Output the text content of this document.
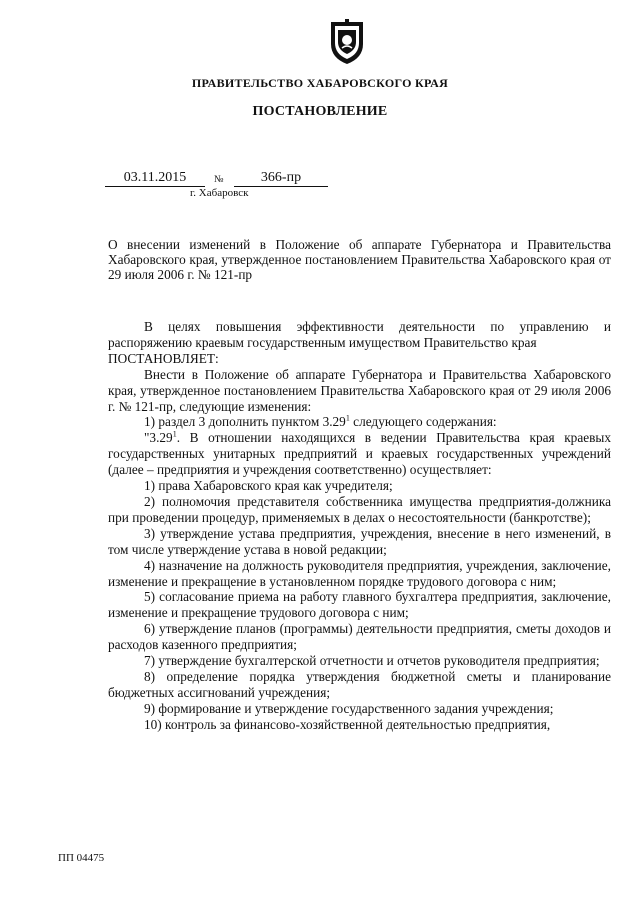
ПРАВИТЕЛЬСТВО ХАБАРОВСКОГО КРАЯ
ПОСТАНОВЛЕНИЕ
03.11.2015	№	366-пр
г. Хабаровск
О внесении изменений в Положение об аппарате Губернатора и Правительства Хабаровского края, утвержденное постановлением Правительства Хабаровского края от 29 июля 2006 г. № 121-пр

В целях повышения эффективности деятельности по управлению и распоряжению краевым государственным имуществом Правительство края

ПОСТАНОВЛЯЕТ:

Внести в Положение об аппарате Губернатора и Правительства Хабаровского края, утвержденное постановлением Правительства Хабаровского края от 29 июля 2006 г. № 121-пр, следующие изменения:

1) раздел 3 дополнить пунктом 3.29$^1$ следующего содержания:

"3.29$^1$. В отношении находящихся в ведении Правительства края краевых государственных унитарных предприятий и краевых государственных учреждений (далее – предприятия и учреждения соответственно) осуществляет:

1) права Хабаровского края как учредителя;

2) полномочия представителя собственника имущества предприятия-должника при проведении процедур, применяемых в делах о несостоятельности (банкротстве);

3) утверждение устава предприятия, учреждения, внесение в него изменений, в том числе утверждение устава в новой редакции;

4) назначение на должность руководителя предприятия, учреждения, заключение, изменение и прекращение в установленном порядке трудового договора с ним;

5) согласование приема на работу главного бухгалтера предприятия, заключение, изменение и прекращение трудового договора с ним;

6) утверждение планов (программы) деятельности предприятия, сметы доходов и расходов казенного предприятия;

7) утверждение бухгалтерской отчетности и отчетов руководителя предприятия;

8) определение порядка утверждения бюджетной сметы и планирование бюджетных ассигнований учреждения;

9) формирование и утверждение государственного задания учреждения;

10) контроль за финансово-хозяйственной деятельностью предприятия,

ПП 04475
